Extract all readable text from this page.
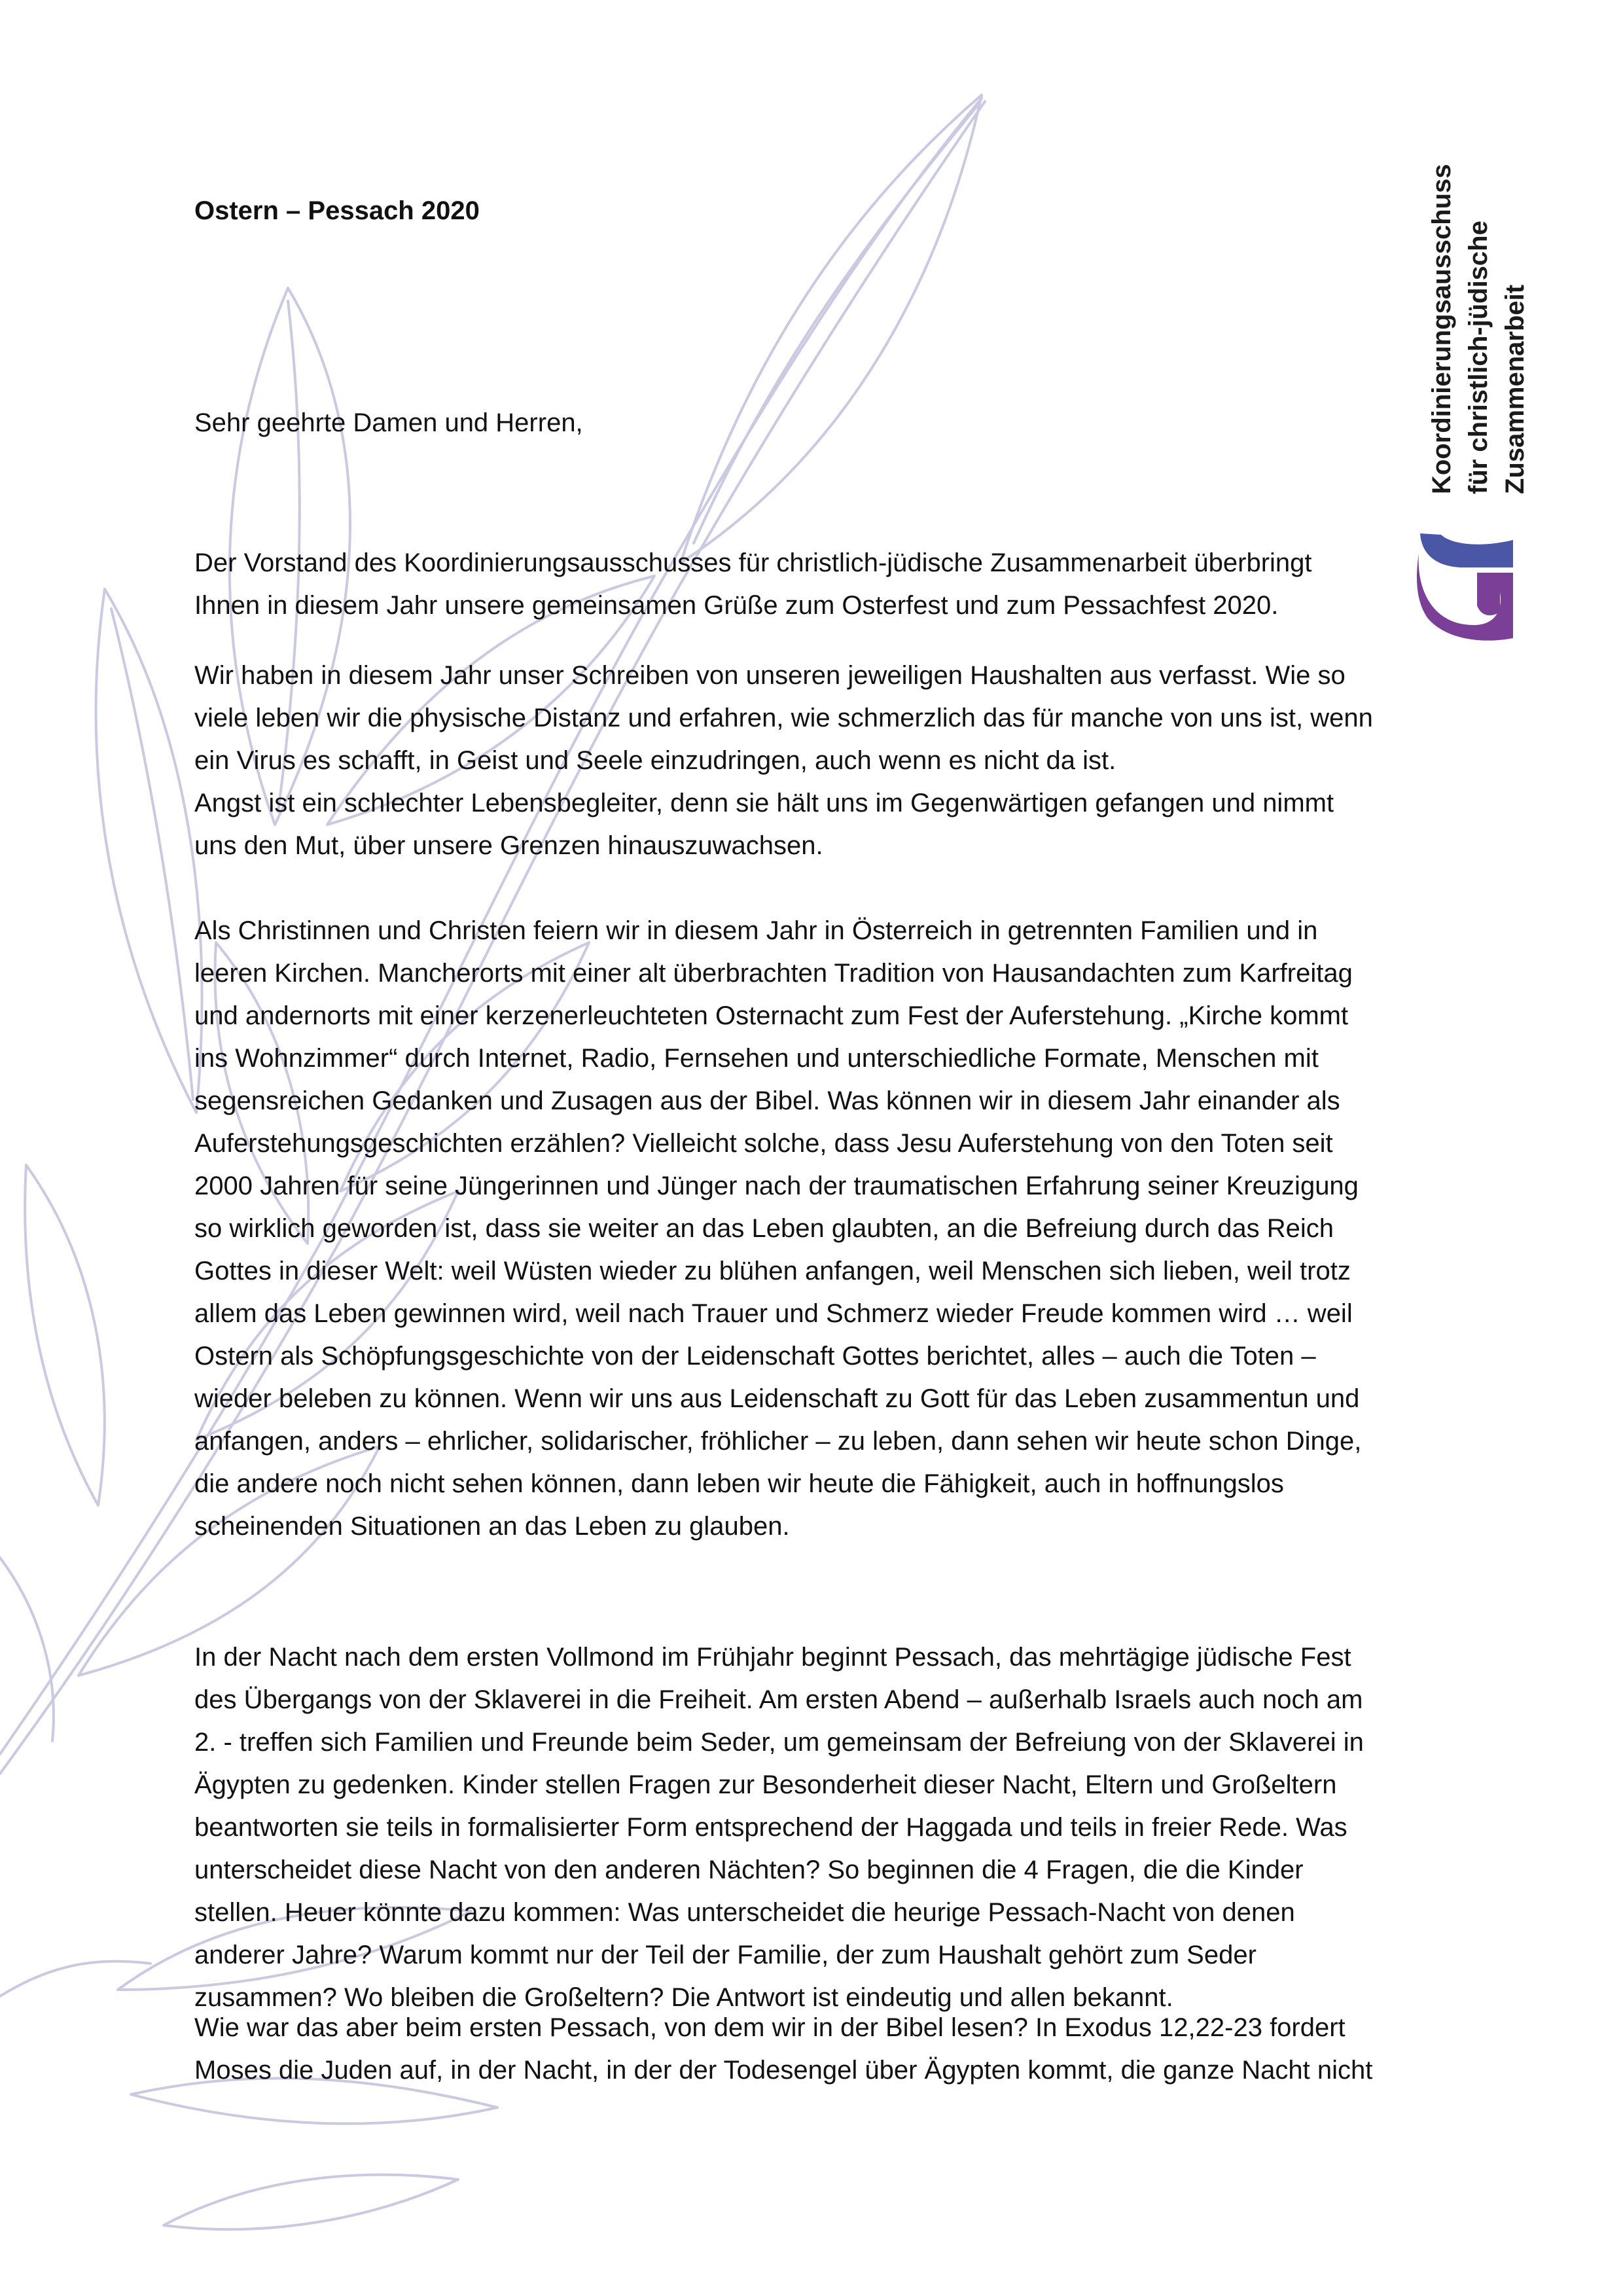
Ostern – Pessach 2020

Sehr geehrte Damen und Herren,

Der Vorstand des Koordinierungsausschusses für christlich-jüdische Zusammenarbeit überbringt
Ihnen in diesem Jahr unsere gemeinsamen Grüße zum Osterfest und zum Pessachfest 2020.

Wir haben in diesem Jahr unser Schreiben von unseren jeweiligen Haushalten aus verfasst. Wie so
viele leben wir die physische Distanz und erfahren, wie schmerzlich das für manche von uns ist, wenn
ein Virus es schafft, in Geist und Seele einzudringen, auch wenn es nicht da ist.
Angst ist ein schlechter Lebensbegleiter, denn sie hält uns im Gegenwärtigen gefangen und nimmt
uns den Mut, über unsere Grenzen hinauszuwachsen.

Als Christinnen und Christen feiern wir in diesem Jahr in Österreich in getrennten Familien und in
leeren Kirchen. Mancherorts mit einer alt überbrachten Tradition von Hausandachten zum Karfreitag
und andernorts mit einer kerzenerleuchteten Osternacht zum Fest der Auferstehung. „Kirche kommt
ins Wohnzimmer“ durch Internet, Radio, Fernsehen und unterschiedliche Formate, Menschen mit
segensreichen Gedanken und Zusagen aus der Bibel. Was können wir in diesem Jahr einander als
Auferstehungsgeschichten erzählen? Vielleicht solche, dass Jesu Auferstehung von den Toten seit
2000 Jahren für seine Jüngerinnen und Jünger nach der traumatischen Erfahrung seiner Kreuzigung
so wirklich geworden ist, dass sie weiter an das Leben glaubten, an die Befreiung durch das Reich
Gottes in dieser Welt: weil Wüsten wieder zu blühen anfangen, weil Menschen sich lieben, weil trotz
allem das Leben gewinnen wird, weil nach Trauer und Schmerz wieder Freude kommen wird … weil
Ostern als Schöpfungsgeschichte von der Leidenschaft Gottes berichtet, alles – auch die Toten –
wieder beleben zu können. Wenn wir uns aus Leidenschaft zu Gott für das Leben zusammentun und
anfangen, anders – ehrlicher, solidarischer, fröhlicher – zu leben, dann sehen wir heute schon Dinge,
die andere noch nicht sehen können, dann leben wir heute die Fähigkeit, auch in hoffnungslos
scheinenden Situationen an das Leben zu glauben.

In der Nacht nach dem ersten Vollmond im Frühjahr beginnt Pessach, das mehrtägige jüdische Fest
des Übergangs von der Sklaverei in die Freiheit. Am ersten Abend – außerhalb Israels auch noch am
2. - treffen sich Familien und Freunde beim Seder, um gemeinsam der Befreiung von der Sklaverei in
Ägypten zu gedenken. Kinder stellen Fragen zur Besonderheit dieser Nacht, Eltern und Großeltern
beantworten sie teils in formalisierter Form entsprechend der Haggada und teils in freier Rede. Was
unterscheidet diese Nacht von den anderen Nächten? So beginnen die 4 Fragen, die die Kinder
stellen. Heuer könnte dazu kommen: Was unterscheidet die heurige Pessach-Nacht von denen
anderer Jahre? Warum kommt nur der Teil der Familie, der zum Haushalt gehört zum Seder
zusammen? Wo bleiben die Großeltern? Die Antwort ist eindeutig und allen bekannt.

Wie war das aber beim ersten Pessach, von dem wir in der Bibel lesen? In Exodus 12,22-23 fordert
Moses die Juden auf, in der Nacht, in der der Todesengel über Ägypten kommt, die ganze Nacht nicht

Koordinierungsausschuss für christlich-jüdische Zusammenarbeit
